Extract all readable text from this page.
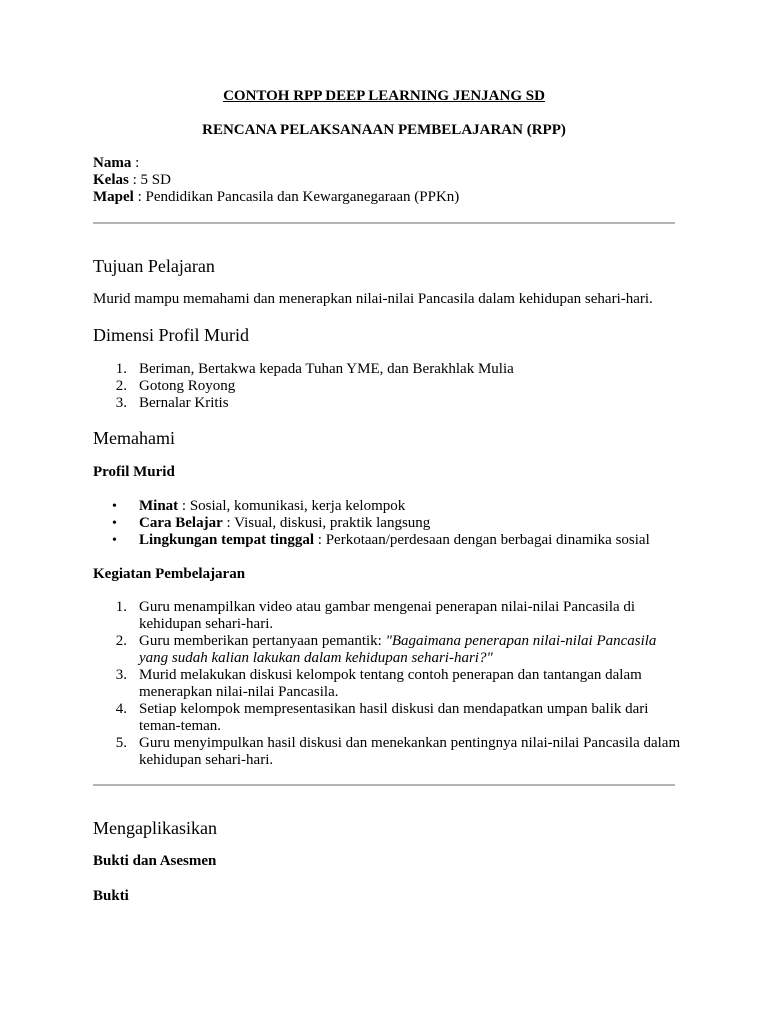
CONTOH RPP DEEP LEARNING JENJANG SD
RENCANA PELAKSANAAN PEMBELAJARAN (RPP)
Nama :
Kelas : 5 SD
Mapel : Pendidikan Pancasila dan Kewarganegaraan (PPKn)
Tujuan Pelajaran

Murid mampu memahami dan menerapkan nilai-nilai Pancasila dalam kehidupan sehari-hari.

Dimensi Profil Murid
1. Beriman, Bertakwa kepada Tuhan YME, dan Berakhlak Mulia
2. Gotong Royong
3. Bernalar Kritis
Memahami
Profil Murid
•	Minat : Sosial, komunikasi, kerja kelompok
•	Cara Belajar : Visual, diskusi, praktik langsung
•	Lingkungan tempat tinggal : Perkotaan/perdesaan dengan berbagai dinamika sosial
Kegiatan Pembelajaran
1. Guru menampilkan video atau gambar mengenai penerapan nilai-nilai Pancasila di kehidupan sehari-hari.
2. Guru memberikan pertanyaan pemantik: "Bagaimana penerapan nilai-nilai Pancasila yang sudah kalian lakukan dalam kehidupan sehari-hari?"
3. Murid melakukan diskusi kelompok tentang contoh penerapan dan tantangan dalam menerapkan nilai-nilai Pancasila.
4. Setiap kelompok mempresentasikan hasil diskusi dan mendapatkan umpan balik dari teman-teman.
5. Guru menyimpulkan hasil diskusi dan menekankan pentingnya nilai-nilai Pancasila dalam kehidupan sehari-hari.
Mengaplikasikan
Bukti dan Asesmen
Bukti
